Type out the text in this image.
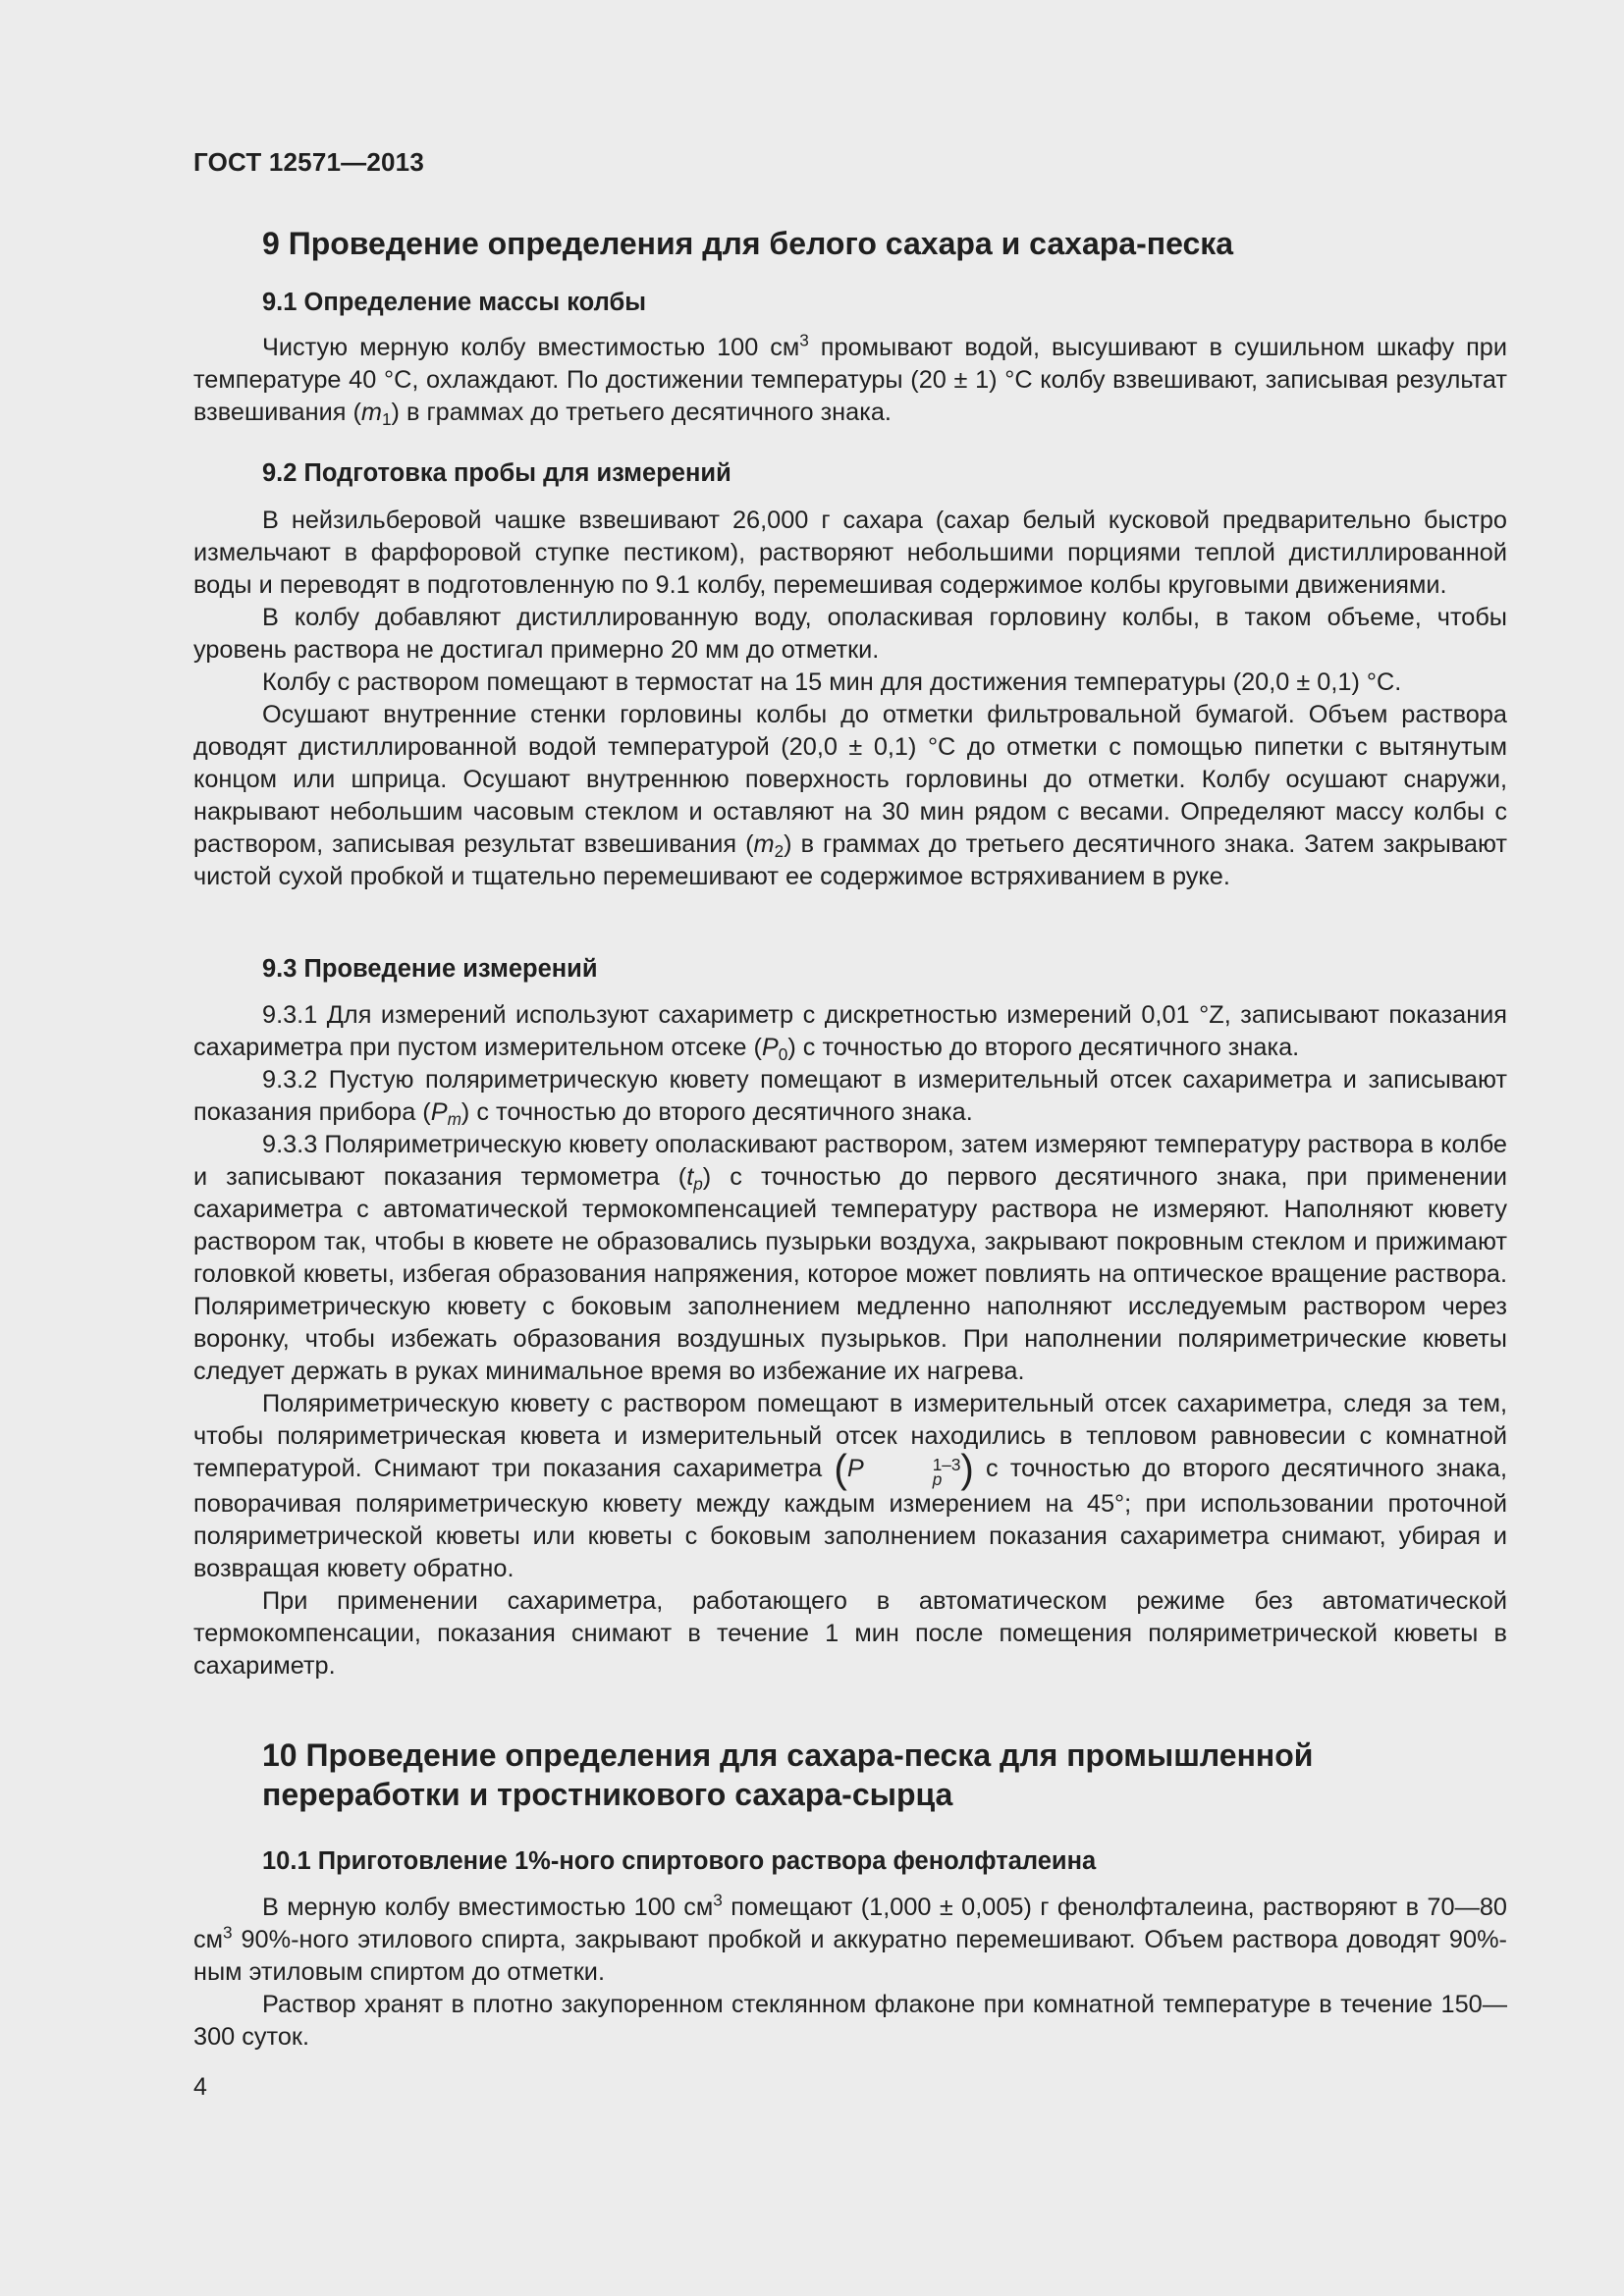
ГОСТ 12571—2013
9 Проведение определения для белого сахара и сахара-песка
9.1 Определение массы колбы

Чистую мерную колбу вместимостью 100 $см^3$ промывают водой, высушивают в сушильном шкафу при температуре 40 °С, охлаждают. По достижении температуры (20 ± 1) °С колбу взвешивают, записывая результат взвешивания $(m_1)$ в граммах до третьего десятичного знака.

9.2 Подготовка пробы для измерений

В нейзильберовой чашке взвешивают 26,000 г сахара (сахар белый кусковой предварительно быстро измельчают в фарфоровой ступке пестиком), растворяют небольшими порциями теплой дистиллированной воды и переводят в подготовленную по 9.1 колбу, перемешивая содержимое колбы круговыми движениями.

В колбу добавляют дистиллированную воду, ополаскивая горловину колбы, в таком объеме, чтобы уровень раствора не достигал примерно 20 мм до отметки.

Колбу с раствором помещают в термостат на 15 мин для достижения температуры (20,0 ± 0,1) °С.

Осушают внутренние стенки горловины колбы до отметки фильтровальной бумагой. Объем раствора доводят дистиллированной водой температурой (20,0 ± 0,1) °С до отметки с помощью пипетки с вытянутым концом или шприца. Осушают внутреннюю поверхность горловины до отметки. Колбу осушают снаружи, накрывают небольшим часовым стеклом и оставляют на 30 мин рядом с весами. Определяют массу колбы с раствором, записывая результат взвешивания $(m_2)$ в граммах до третьего десятичного знака. Затем закрывают чистой сухой пробкой и тщательно перемешивают ее содержимое встряхиванием в руке.

9.3 Проведение измерений

9.3.1 Для измерений используют сахариметр с дискретностью измерений 0,01 °Z, записывают показания сахариметра при пустом измерительном отсеке $(P_0)$ с точностью до второго десятичного знака.

9.3.2 Пустую поляриметрическую кювету помещают в измерительный отсек сахариметра и записывают показания прибора $(P_m)$ с точностью до второго десятичного знака.

9.3.3 Поляриметрическую кювету ополаскивают раствором, затем измеряют температуру раствора в колбе и записывают показания термометра $(t_p)$ с точностью до первого десятичного знака, при применении сахариметра с автоматической термокомпенсацией температуру раствора не измеряют. Наполняют кювету раствором так, чтобы в кювете не образовались пузырьки воздуха, закрывают покровным стеклом и прижимают головкой кюветы, избегая образования напряжения, которое может повлиять на оптическое вращение раствора. Поляриметрическую кювету с боковым заполнением медленно наполняют исследуемым раствором через воронку, чтобы избежать образования воздушных пузырьков. При наполнении поляриметрические кюветы следует держать в руках минимальное время во избежание их нагрева.

Поляриметрическую кювету с раствором помещают в измерительный отсек сахариметра, следя за тем, чтобы поляриметрическая кювета и измерительный отсек находились в тепловом равновесии с комнатной температурой. Снимают три показания сахариметра (P	1–3
p ) с точностью до второго десятичного знака, поворачивая поляриметрическую кювету между каждым измерением на 45°; при использовании проточной поляриметрической кюветы или кюветы с боковым заполнением показания сахариметра снимают, убирая и возвращая кювету обратно.

При применении сахариметра, работающего в автоматическом режиме без автоматической термокомпенсации, показания снимают в течение 1 мин после помещения поляриметрической кюветы в сахариметр.

10 Проведение определения для сахара-песка для промышленной переработки и тростникового сахара-сырца
10.1 Приготовление 1%-ного спиртового раствора фенолфталеина

В мерную колбу вместимостью 100 $см^3$ помещают (1,000 ± 0,005) г фенолфталеина, растворяют в 70—80 $см^3$ 90%-ного этилового спирта, закрывают пробкой и аккуратно перемешивают. Объем раствора доводят 90%-ным этиловым спиртом до отметки.

Раствор хранят в плотно закупоренном стеклянном флаконе при комнатной температуре в течение 150—300 суток.

4
